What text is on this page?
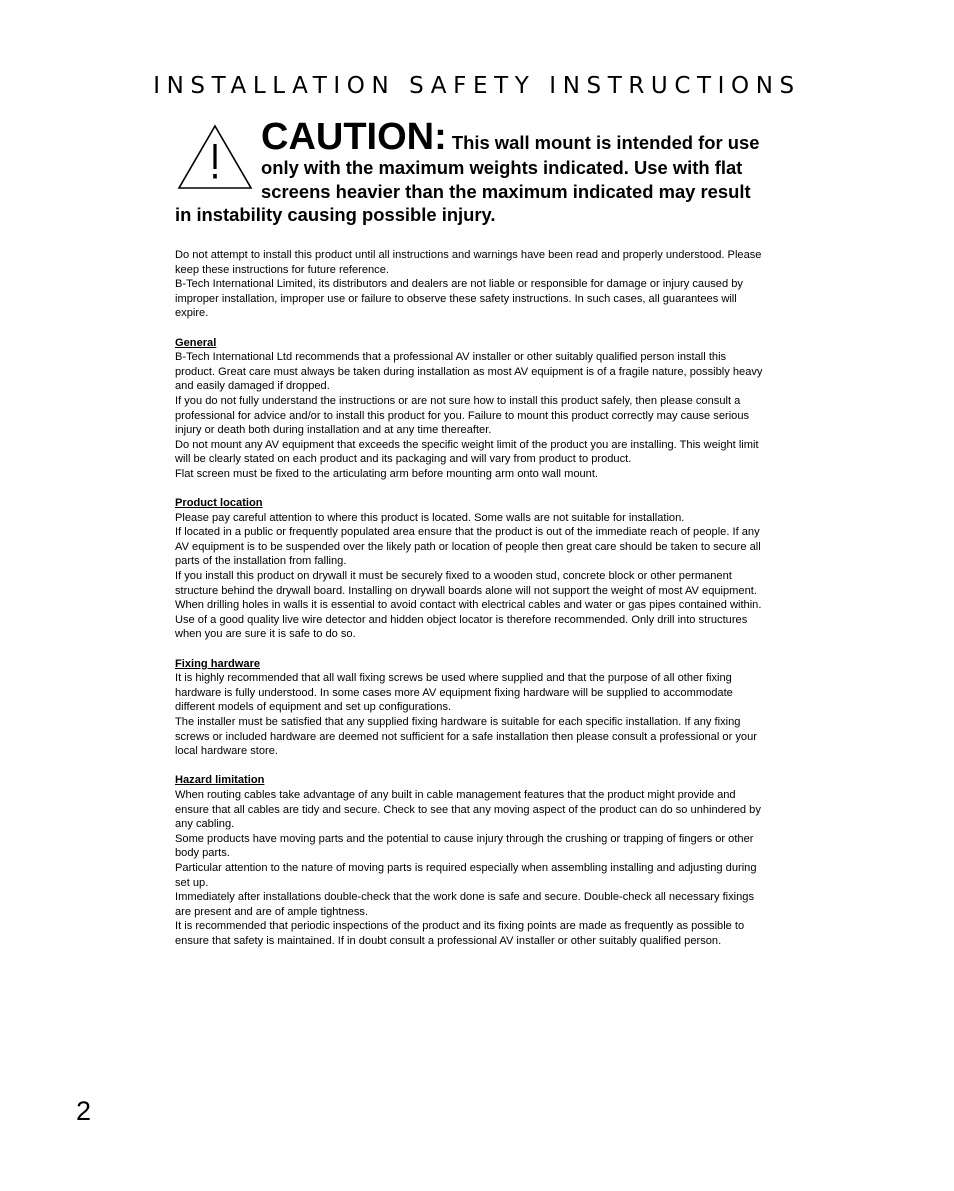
INSTALLATION SAFETY INSTRUCTIONS

CAUTION: This wall mount is intended for use only with the maximum weights indicated. Use with flat screens heavier than the maximum indicated may result in instability causing possible injury.

Do not attempt to install this product until all instructions and warnings have been read and properly understood. Please keep these instructions for future reference.

B-Tech International Limited, its distributors and dealers are not liable or responsible for damage or injury caused by improper installation, improper use or failure to observe these safety instructions. In such cases, all guarantees will expire.

General

B-Tech International Ltd recommends that a professional AV installer or other suitably qualified person install this product. Great care must always be taken during installation as most AV equipment is of a fragile nature, possibly heavy and easily damaged if dropped.

If you do not fully understand the instructions or are not sure how to install this product safely, then please consult a professional for advice and/or to install this product for you. Failure to mount this product correctly may cause serious injury or death both during installation and at any time thereafter.

Do not mount any AV equipment that exceeds the specific weight limit of the product you are installing. This weight limit will be clearly stated on each product and its packaging and will vary from product to product.

Flat screen must be fixed to the articulating arm before mounting arm onto wall mount.

Product location

Please pay careful attention to where this product is located. Some walls are not suitable for installation.

If located in a public or frequently populated area ensure that the product is out of the immediate reach of people. If any AV equipment is to be suspended over the likely path or location of people then great care should be taken to secure all parts of the installation from falling.

If you install this product on drywall it must be securely fixed to a wooden stud, concrete block or other permanent structure behind the drywall board. Installing on drywall boards alone will not support the weight of most AV equipment.

When drilling holes in walls it is essential to avoid contact with electrical cables and water or gas pipes contained within. Use of a good quality live wire detector and hidden object locator is therefore recommended. Only drill into structures when you are sure it is safe to do so.

Fixing hardware

It is highly recommended that all wall fixing screws be used where supplied and that the purpose of all other fixing hardware is fully understood. In some cases more AV equipment fixing hardware will be supplied to accommodate different models of equipment and set up configurations.

The installer must be satisfied that any supplied fixing hardware is suitable for each specific installation. If any fixing screws or included hardware are deemed not sufficient for a safe installation then please consult a professional or your local hardware store.

Hazard limitation

When routing cables take advantage of any built in cable management features that the product might provide and ensure that all cables are tidy and secure. Check to see that any moving aspect of the product can do so unhindered by any cabling.

Some products have moving parts and the potential to cause injury through the crushing or trapping of fingers or other body parts.

Particular attention to the nature of moving parts is required especially when assembling installing and adjusting during set up.

Immediately after installations double-check that the work done is safe and secure. Double-check all necessary fixings are present and are of ample tightness.

It is recommended that periodic inspections of the product and its fixing points are made as frequently as possible to ensure that safety is maintained. If in doubt consult a professional AV installer or other suitably qualified person.

2
